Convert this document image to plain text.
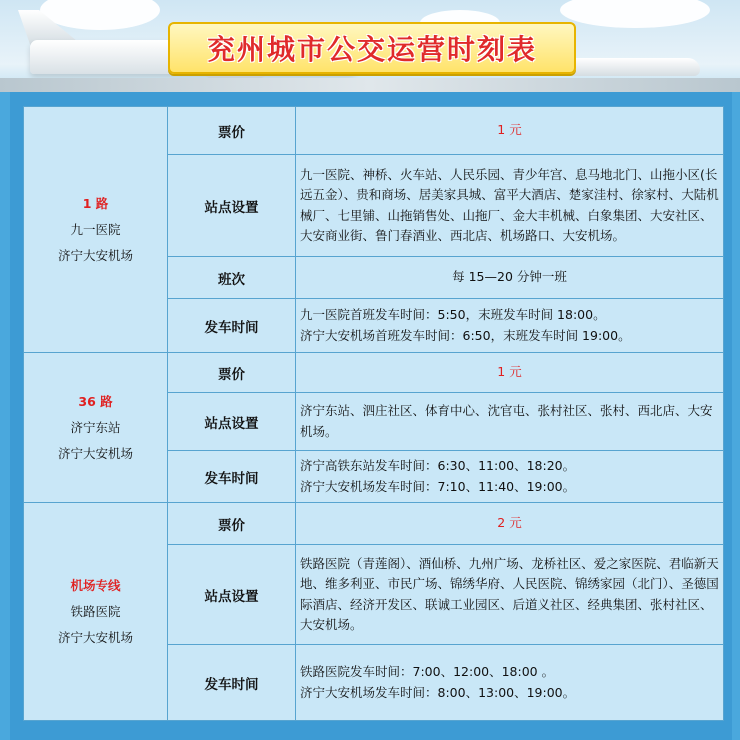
兖州城市公交运营时刻表
1 路
九一医院
济宁大安机场	票价	1 元
	站点设置	九一医院、神桥、火车站、人民乐园、青少年宫、息马地北门、山拖小区(长远五金）、贵和商场、居美家具城、富平大酒店、楚家洼村、徐家村、大陆机械厂、七里铺、山拖销售处、山拖厂、金大丰机械、白象集团、大安社区、大安商业街、鲁门春酒业、西北店、机场路口、大安机场。
	班次	每 15—20 分钟一班
	发车时间	九一医院首班发车时间：5:50，末班发车时间 18:00。
济宁大安机场首班发车时间：6:50，末班发车时间 19:00。

36 路
济宁东站
济宁大安机场	票价	1 元
	站点设置	济宁东站、泗庄社区、体育中心、沈官屯、张村社区、张村、西北店、大安机场。
	发车时间	济宁高铁东站发车时间：6:30、11:00、18:20。
济宁大安机场发车时间：7:10、11:40、19:00。

机场专线
铁路医院
济宁大安机场	票价	2 元
	站点设置	铁路医院（青莲阁）、酒仙桥、九州广场、龙桥社区、爱之家医院、君临新天地、维多利亚、市民广场、锦绣华府、人民医院、锦绣家园（北门）、圣德国际酒店、经济开发区、联诚工业园区、后道义社区、经典集团、张村社区、大安机场。
	发车时间	铁路医院发车时间：7:00、12:00、18:00 。
济宁大安机场发车时间：8:00、13:00、19:00。
